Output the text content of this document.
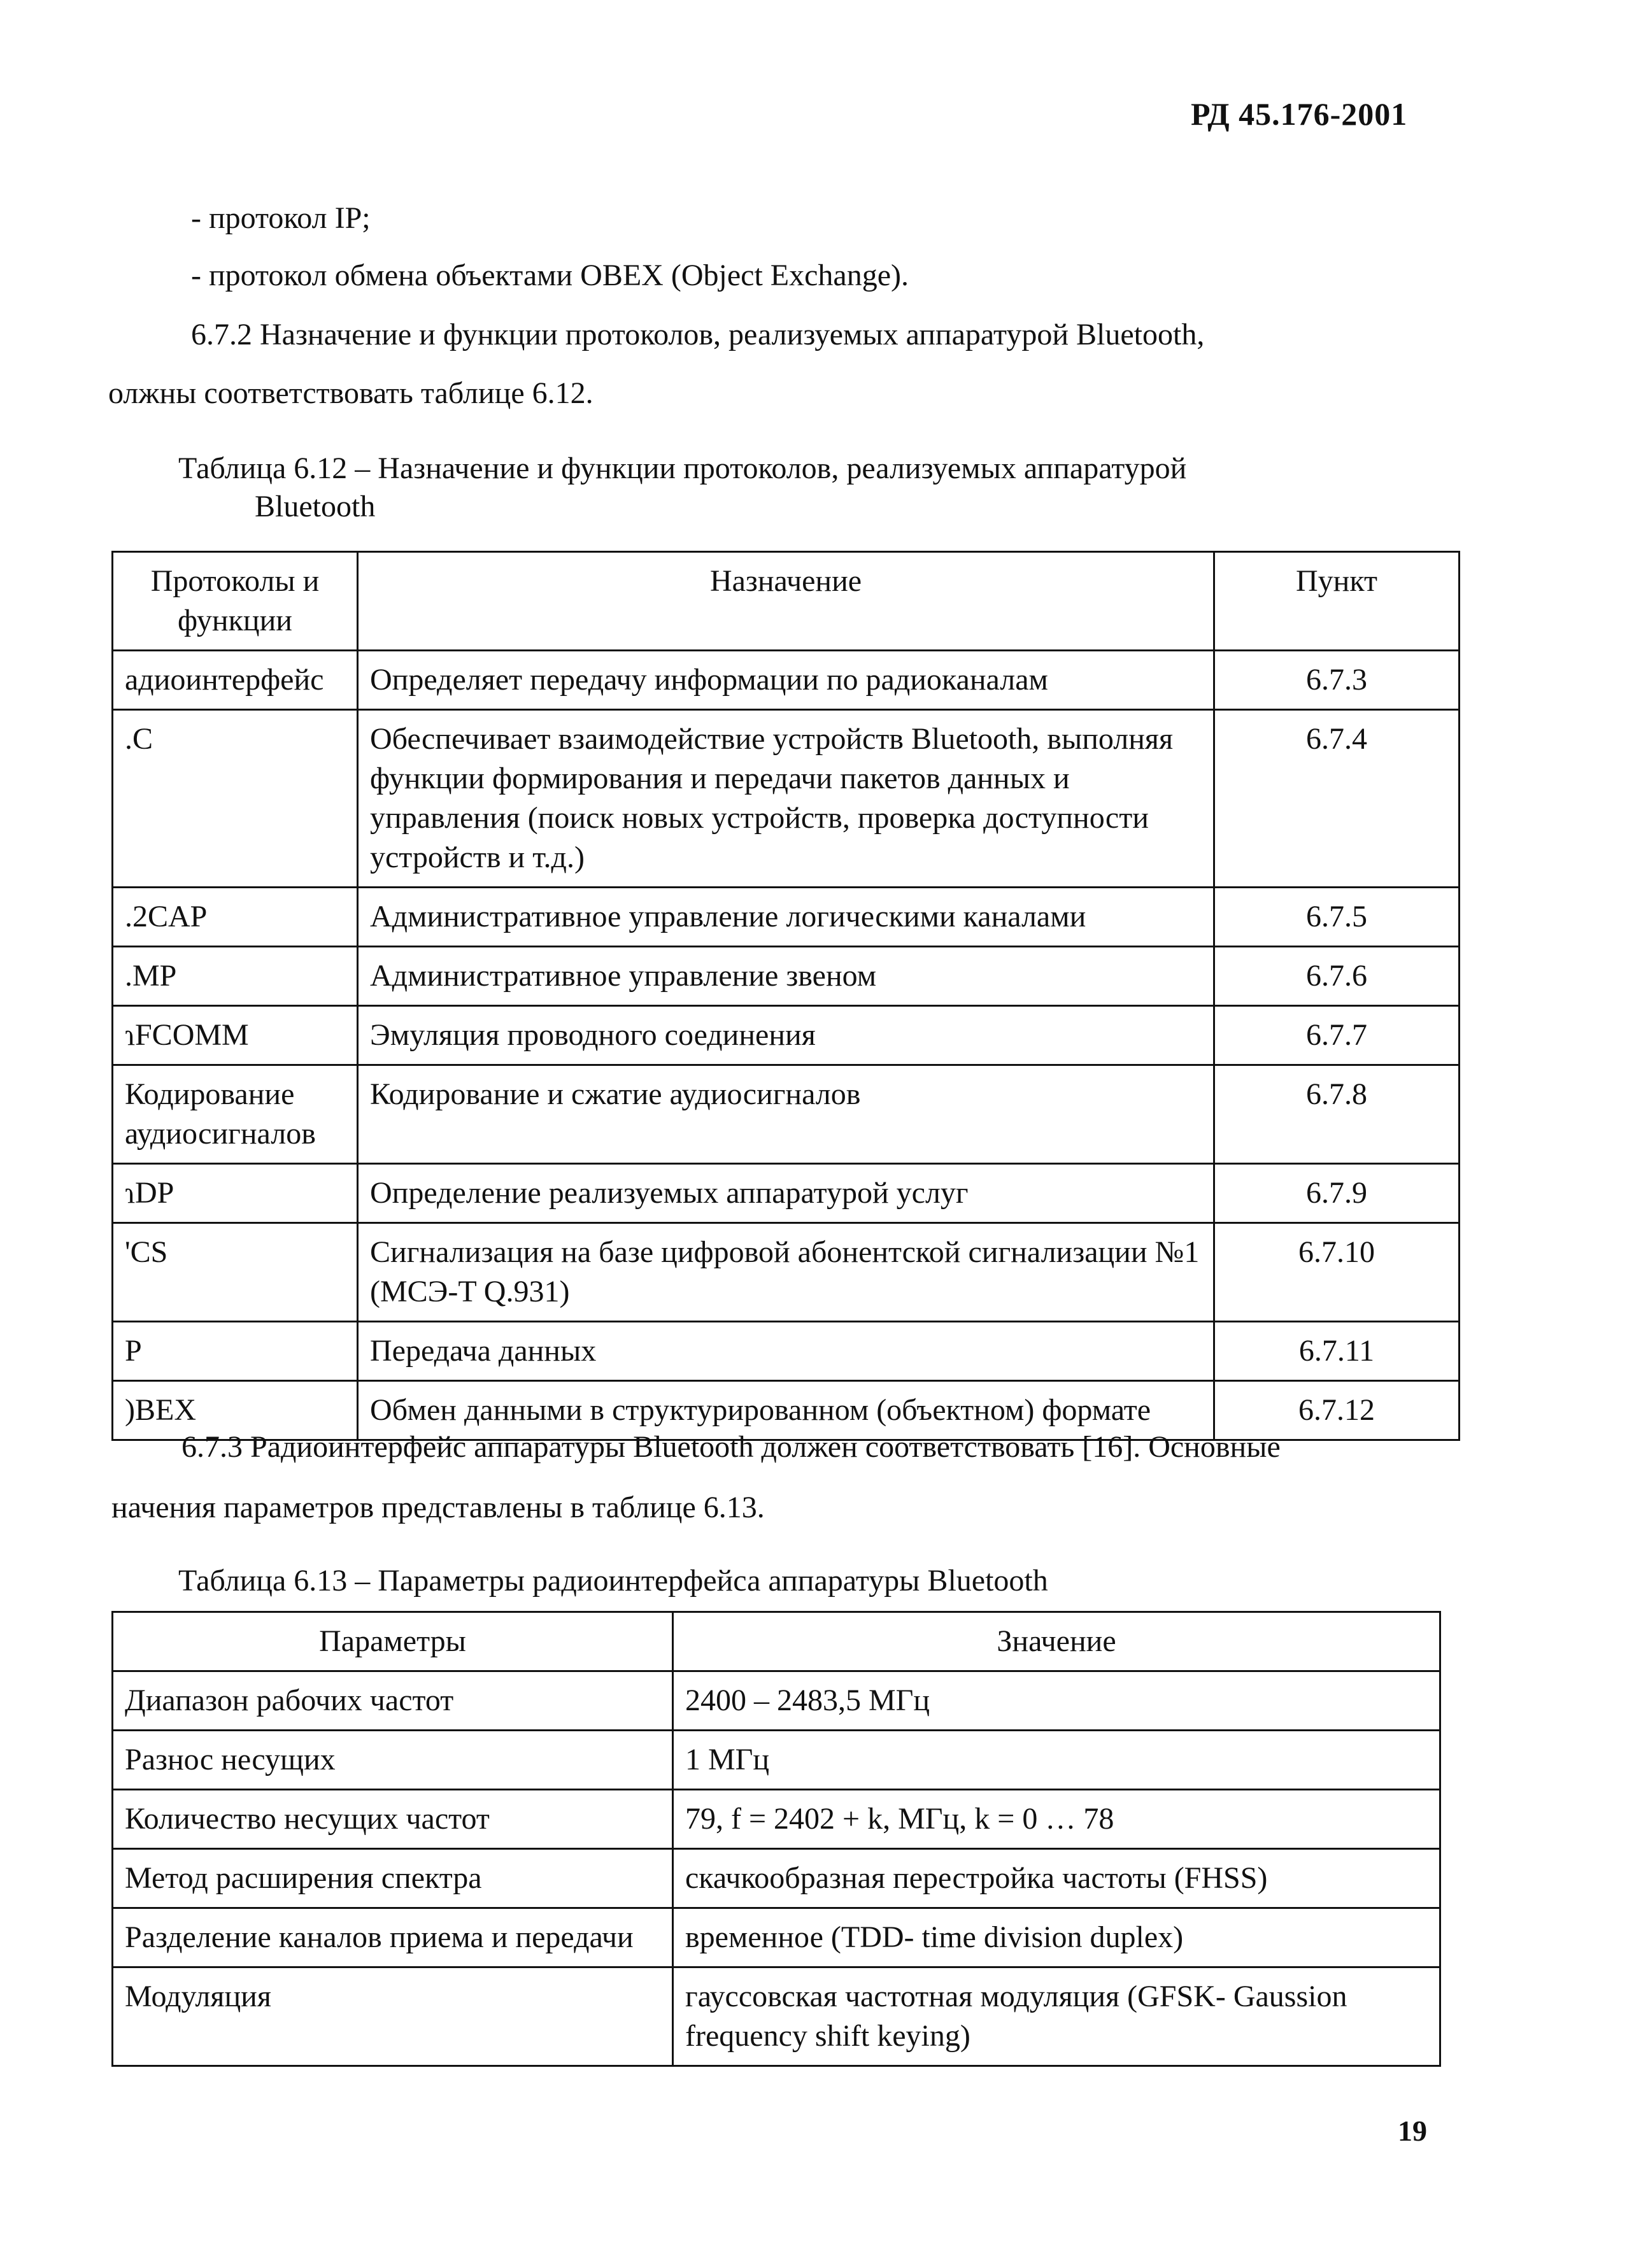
РД 45.176-2001
- протокол IP;
- протокол обмена объектами OBEX (Object Exchange).
6.7.2 Назначение и функции протоколов, реализуемых аппаратурой Bluetooth,
олжны соответствовать таблице 6.12.
Таблица 6.12 – Назначение и функции протоколов, реализуемых аппаратурой
Bluetooth
Протоколы и функции	Назначение	Пункт
адиоинтерфейс	Определяет передачу информации по радиоканалам	6.7.3
.C	Обеспечивает взаимодействие устройств Bluetooth, выполняя функции формирования и передачи пакетов данных и управления (поиск новых устройств, проверка доступности устройств и т.д.)	6.7.4
.2CAP	Административное управление логическими каналами	6.7.5
.MP	Административное управление звеном	6.7.6
ɿFCOMM	Эмуляция проводного соединения	6.7.7
Кодирование аудиосигналов	Кодирование и сжатие аудиосигналов	6.7.8
ɿDP	Определение реализуемых аппаратурой услуг	6.7.9
'CS	Сигнализация на базе цифровой абонентской сигнализации №1 (МСЭ-T Q.931)	6.7.10
P	Передача данных	6.7.11
)BEX	Обмен данными в структурированном (объектном) формате	6.7.12
6.7.3 Радиоинтерфейс аппаратуры Bluetooth должен соответствовать [16]. Основные
начения параметров представлены в таблице 6.13.
Таблица 6.13 – Параметры радиоинтерфейса аппаратуры Bluetooth
Параметры	Значение
Диапазон рабочих частот	2400 – 2483,5 МГц
Разнос несущих	1 МГц
Количество несущих частот	79, f = 2402 + k, МГц, k = 0 … 78
Метод расширения спектра	скачкообразная перестройка частоты (FHSS)
Разделение каналов приема и передачи	временное (TDD- time division duplex)
Модуляция	гауссовская частотная модуляция (GFSK- Gaussion frequency shift keying)
19
